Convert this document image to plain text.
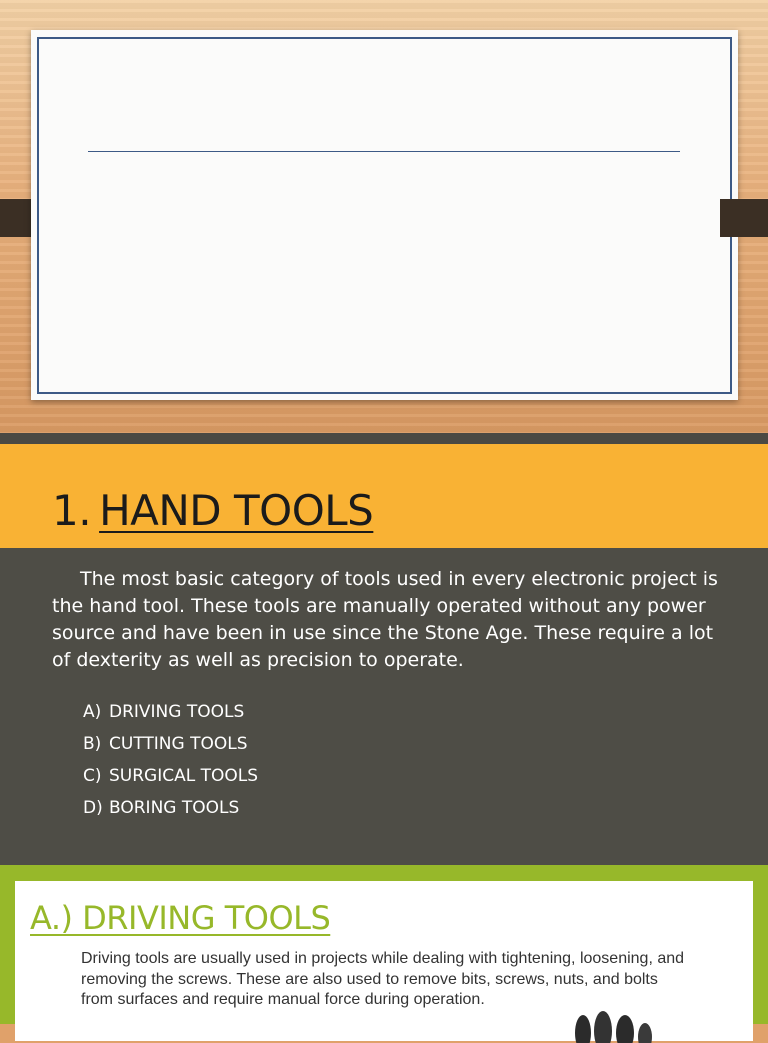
1. HAND TOOLS
The most basic category of tools used in every electronic project is the hand tool. These tools are manually operated without any power source and have been in use since the Stone Age. These require a lot of dexterity as well as precision to operate.
A) DRIVING TOOLS
B) CUTTING TOOLS
C) SURGICAL TOOLS
D) BORING TOOLS
A.) DRIVING TOOLS
Driving tools are usually used in projects while dealing with tightening, loosening, and removing the screws. These are also used to remove bits, screws, nuts, and bolts from surfaces and require manual force during operation.
